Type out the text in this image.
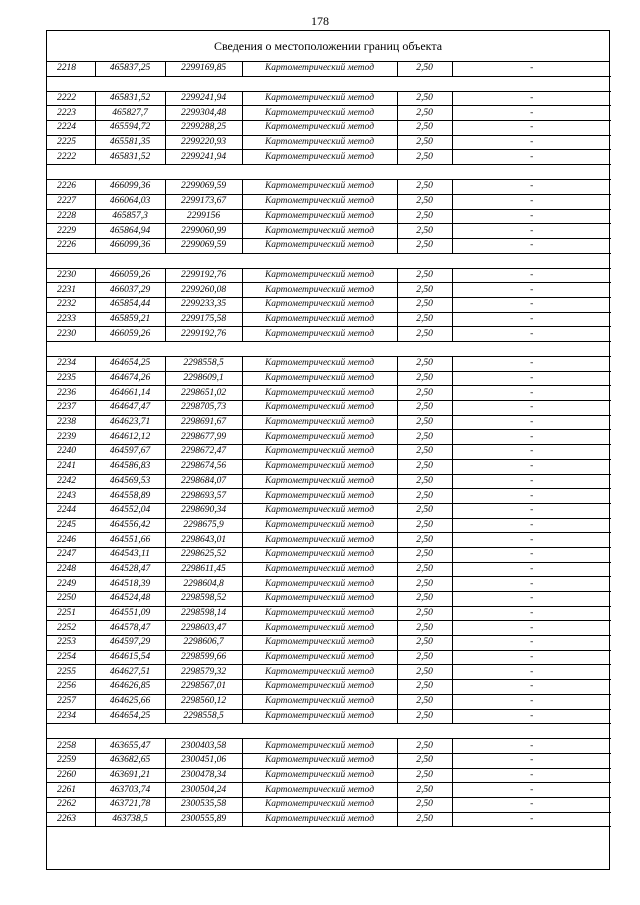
178
Сведения о местоположении границ объекта
2218	465837,25	2299169,85	Картометрический метод	2,50	-

2222	465831,52	2299241,94	Картометрический метод	2,50	-
2223	465827,7	2299304,48	Картометрический метод	2,50	-
2224	465594,72	2299288,25	Картометрический метод	2,50	-
2225	465581,35	2299220,93	Картометрический метод	2,50	-
2222	465831,52	2299241,94	Картометрический метод	2,50	-

2226	466099,36	2299069,59	Картометрический метод	2,50	-
2227	466064,03	2299173,67	Картометрический метод	2,50	-
2228	465857,3	2299156	Картометрический метод	2,50	-
2229	465864,94	2299060,99	Картометрический метод	2,50	-
2226	466099,36	2299069,59	Картометрический метод	2,50	-

2230	466059,26	2299192,76	Картометрический метод	2,50	-
2231	466037,29	2299260,08	Картометрический метод	2,50	-
2232	465854,44	2299233,35	Картометрический метод	2,50	-
2233	465859,21	2299175,58	Картометрический метод	2,50	-
2230	466059,26	2299192,76	Картометрический метод	2,50	-

2234	464654,25	2298558,5	Картометрический метод	2,50	-
2235	464674,26	2298609,1	Картометрический метод	2,50	-
2236	464661,14	2298651,02	Картометрический метод	2,50	-
2237	464647,47	2298705,73	Картометрический метод	2,50	-
2238	464623,71	2298691,67	Картометрический метод	2,50	-
2239	464612,12	2298677,99	Картометрический метод	2,50	-
2240	464597,67	2298672,47	Картометрический метод	2,50	-
2241	464586,83	2298674,56	Картометрический метод	2,50	-
2242	464569,53	2298684,07	Картометрический метод	2,50	-
2243	464558,89	2298693,57	Картометрический метод	2,50	-
2244	464552,04	2298690,34	Картометрический метод	2,50	-
2245	464556,42	2298675,9	Картометрический метод	2,50	-
2246	464551,66	2298643,01	Картометрический метод	2,50	-
2247	464543,11	2298625,52	Картометрический метод	2,50	-
2248	464528,47	2298611,45	Картометрический метод	2,50	-
2249	464518,39	2298604,8	Картометрический метод	2,50	-
2250	464524,48	2298598,52	Картометрический метод	2,50	-
2251	464551,09	2298598,14	Картометрический метод	2,50	-
2252	464578,47	2298603,47	Картометрический метод	2,50	-
2253	464597,29	2298606,7	Картометрический метод	2,50	-
2254	464615,54	2298599,66	Картометрический метод	2,50	-
2255	464627,51	2298579,32	Картометрический метод	2,50	-
2256	464626,85	2298567,01	Картометрический метод	2,50	-
2257	464625,66	2298560,12	Картометрический метод	2,50	-
2234	464654,25	2298558,5	Картометрический метод	2,50	-

2258	463655,47	2300403,58	Картометрический метод	2,50	-
2259	463682,65	2300451,06	Картометрический метод	2,50	-
2260	463691,21	2300478,34	Картометрический метод	2,50	-
2261	463703,74	2300504,24	Картометрический метод	2,50	-
2262	463721,78	2300535,58	Картометрический метод	2,50	-
2263	463738,5	2300555,89	Картометрический метод	2,50	-
